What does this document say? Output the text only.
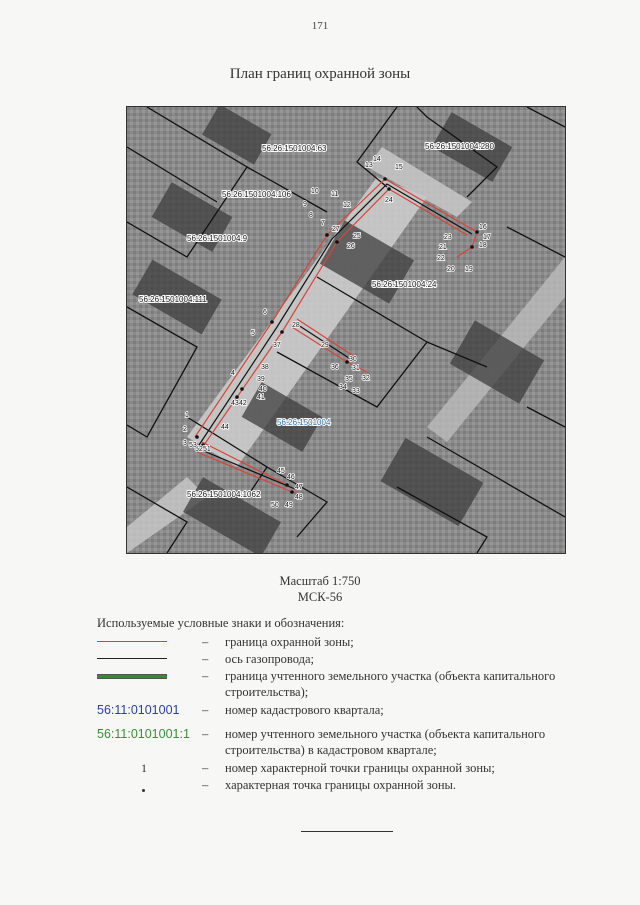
171
План границ охранной зоны
56:26:1501004:63	56:26:1501004:280
56:26:1501004:106
56:26:1501004:9
56:26:1501004:111
56:26:1501004:24
56:26:1501004:1062
56:26:1501004
1
2
3
4
5
6
7
8
9
10 11
12
13
14
15
16
17
18
19
20
21
22
23
24
25
26
27
28
29
30
31
32
33
34
35
36
37
38
39
40
41
42
43
44
45
46
47
48
49
50
51
52
53
Масштаб 1:750
МСК-56
Используемые условные знаки и обозначения:
– граница охранной зоны;
– ось газопровода;
– граница учтенного земельного участка (объекта капитального строительства);
56:11:0101001	– номер кадастрового квартала;
56:11:0101001:1 – номер учтенного земельного участка (объекта капитального строительства) в кадастровом квартале;
1	– номер характерной точки границы охранной зоны;
– характерная точка границы охранной зоны.
